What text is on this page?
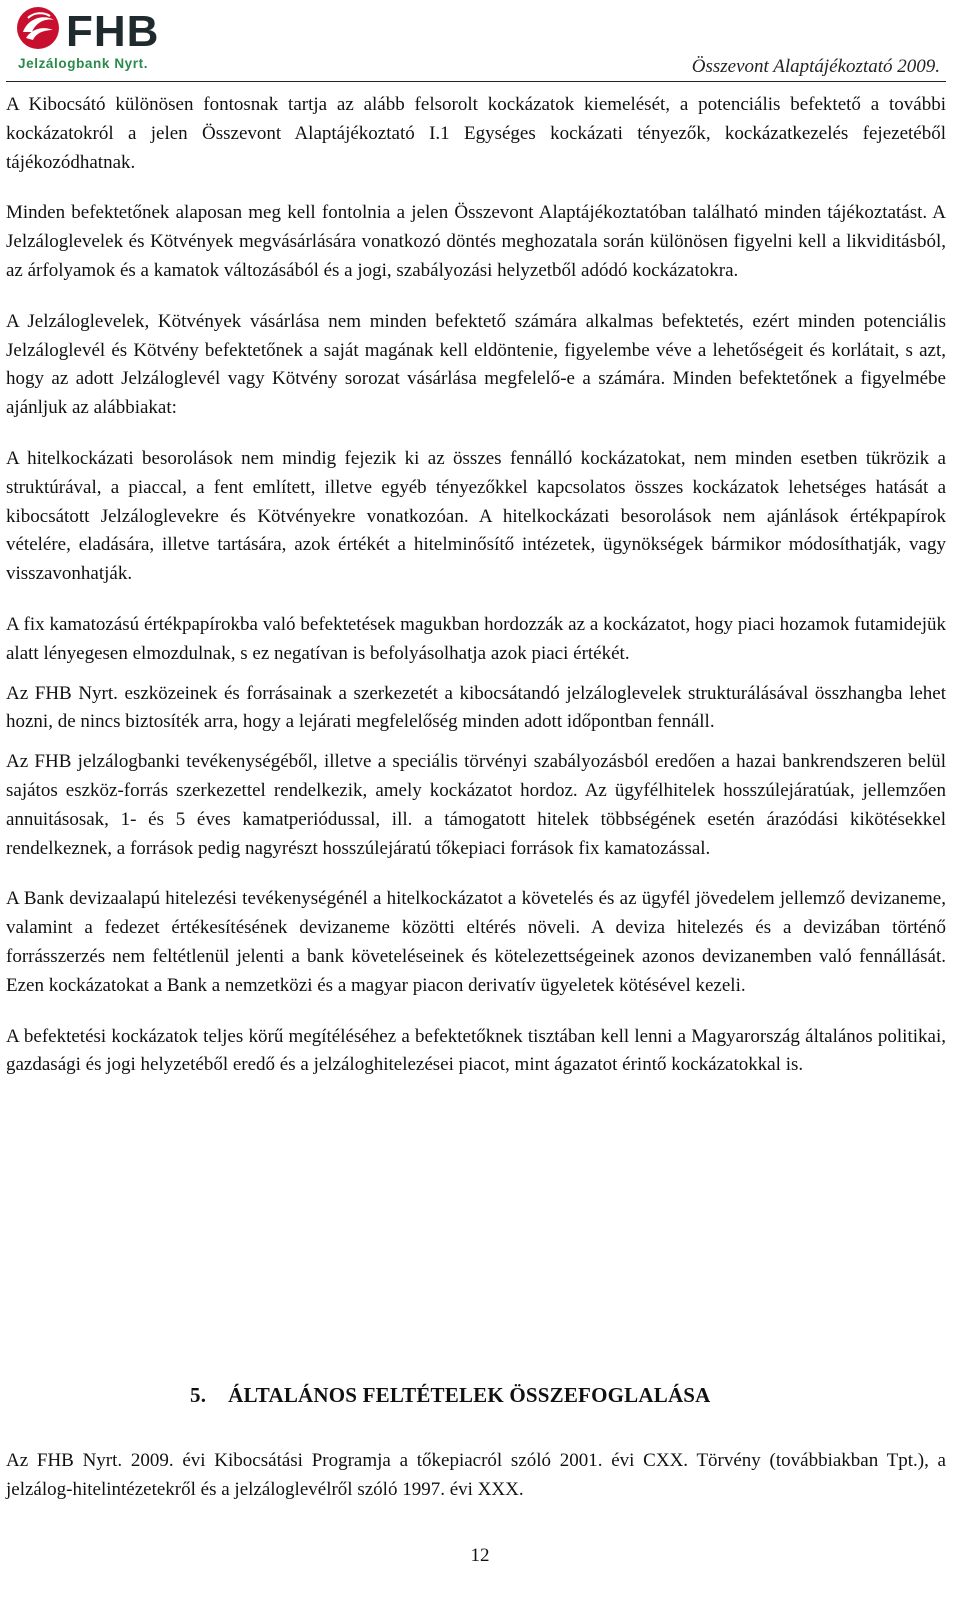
FHB
Jelzálogbank Nyrt.	Összevont Alaptájékoztató 2009.

A Kibocsátó különösen fontosnak tartja az alább felsorolt kockázatok kiemelését, a potenciális befektető a további kockázatokról a jelen Összevont Alaptájékoztató I.1 Egységes kockázati tényezők, kockázatkezelés fejezetéből tájékozódhatnak.

Minden befektetőnek alaposan meg kell fontolnia a jelen Összevont Alaptájékoztatóban található minden tájékoztatást. A Jelzáloglevelek és Kötvények megvásárlására vonatkozó döntés meghozatala során különösen figyelni kell a likviditásból, az árfolyamok és a kamatok változásából és a jogi, szabályozási helyzetből adódó kockázatokra.

A Jelzáloglevelek, Kötvények vásárlása nem minden befektető számára alkalmas befektetés, ezért minden potenciális Jelzáloglevél és Kötvény befektetőnek a saját magának kell eldöntenie, figyelembe véve a lehetőségeit és korlátait, s azt, hogy az adott Jelzáloglevél vagy Kötvény sorozat vásárlása megfelelő-e a számára. Minden befektetőnek a figyelmébe ajánljuk az alábbiakat:

A hitelkockázati besorolások nem mindig fejezik ki az összes fennálló kockázatokat, nem minden esetben tükrözik a struktúrával, a piaccal, a fent említett, illetve egyéb tényezőkkel kapcsolatos összes kockázatok lehetséges hatását a kibocsátott Jelzáloglevekre és Kötvényekre vonatkozóan. A hitelkockázati besorolások nem ajánlások értékpapírok vételére, eladására, illetve tartására, azok értékét a hitelminősítő intézetek, ügynökségek bármikor módosíthatják, vagy visszavonhatják.

A fix kamatozású értékpapírokba való befektetések magukban hordozzák az a kockázatot, hogy piaci hozamok futamidejük alatt lényegesen elmozdulnak, s ez negatívan is befolyásolhatja azok piaci értékét.

Az FHB Nyrt. eszközeinek és forrásainak a szerkezetét a kibocsátandó jelzáloglevelek strukturálásával összhangba lehet hozni, de nincs biztosíték arra, hogy a lejárati megfelelőség minden adott időpontban fennáll.

Az FHB jelzálogbanki tevékenységéből, illetve a speciális törvényi szabályozásból eredően a hazai bankrendszeren belül sajátos eszköz-forrás szerkezettel rendelkezik, amely kockázatot hordoz. Az ügyfélhitelek hosszúlejáratúak, jellemzően annuitásosak, 1- és 5 éves kamatperiódussal, ill. a támogatott hitelek többségének esetén árazódási kikötésekkel rendelkeznek, a források pedig nagyrészt hosszúlejáratú tőkepiaci források fix kamatozással.

A Bank devizaalapú hitelezési tevékenységénél a hitelkockázatot a követelés és az ügyfél jövedelem jellemző devizaneme, valamint a fedezet értékesítésének devizaneme közötti eltérés növeli. A deviza hitelezés és a devizában történő forrásszerzés nem feltétlenül jelenti a bank követeléseinek és kötelezettségeinek azonos devizanemben való fennállását. Ezen kockázatokat a Bank a nemzetközi és a magyar piacon derivatív ügyeletek kötésével kezeli.

A befektetési kockázatok teljes körű megítéléséhez a befektetőknek tisztában kell lenni a Magyarország általános politikai, gazdasági és jogi helyzetéből eredő és a jelzáloghitelezései piacot, mint ágazatot érintő kockázatokkal is.

5. ÁLTALÁNOS FELTÉTELEK ÖSSZEFOGLALÁSA

Az FHB Nyrt. 2009. évi Kibocsátási Programja a tőkepiacról szóló 2001. évi CXX. Törvény (továbbiakban Tpt.), a jelzálog-hitelintézetekről és a jelzáloglevélről szóló 1997. évi XXX.

12
